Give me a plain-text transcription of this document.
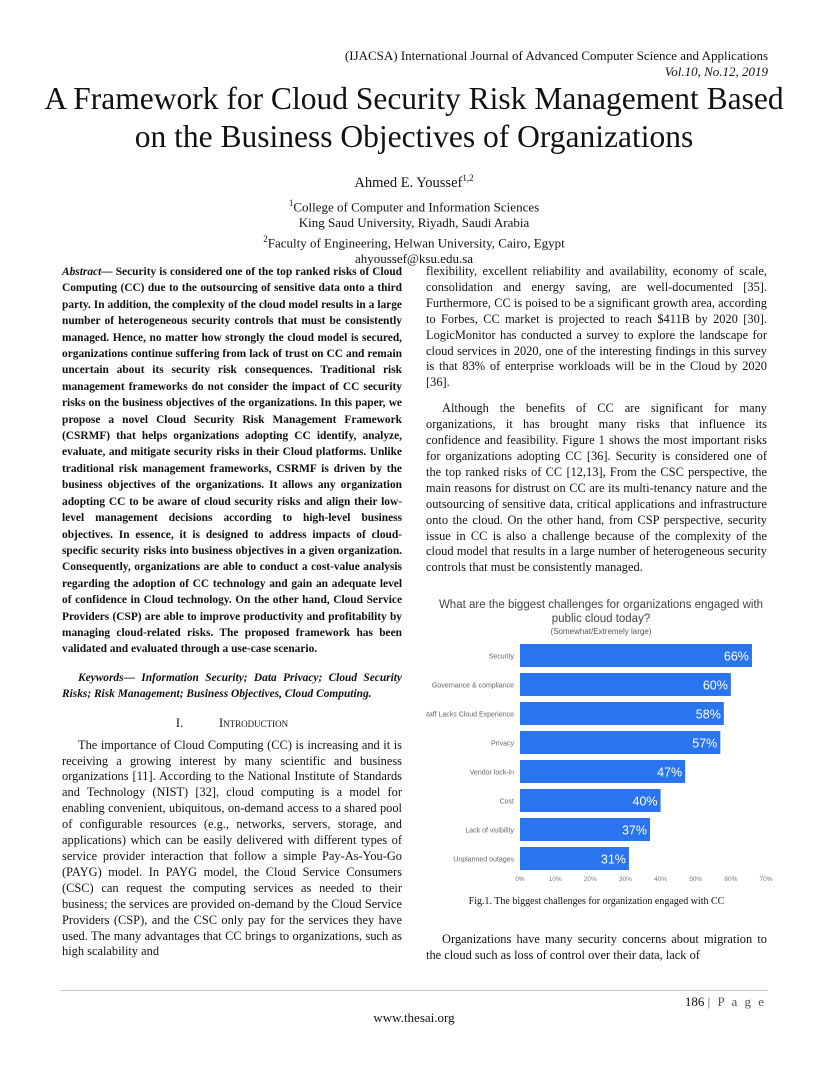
(IJACSA) International Journal of Advanced Computer Science and Applications
Vol.10, No.12, 2019
A Framework for Cloud Security Risk Management Based on the Business Objectives of Organizations
Ahmed E. Youssef$^{1,2}$
$^1$College of Computer and Information Sciences
King Saud University, Riyadh, Saudi Arabia
$^2$Faculty of Engineering, Helwan University, Cairo, Egypt
ahyoussef@ksu.edu.sa

Abstract— Security is considered one of the top ranked risks of Cloud Computing (CC) due to the outsourcing of sensitive data onto a third party. In addition, the complexity of the cloud model results in a large number of heterogeneous security controls that must be consistently managed. Hence, no matter how strongly the cloud model is secured, organizations continue suffering from lack of trust on CC and remain uncertain about its security risk consequences. Traditional risk management frameworks do not consider the impact of CC security risks on the business objectives of the organizations. In this paper, we propose a novel Cloud Security Risk Management Framework (CSRMF) that helps organizations adopting CC identify, analyze, evaluate, and mitigate security risks in their Cloud platforms. Unlike traditional risk management frameworks, CSRMF is driven by the business objectives of the organizations. It allows any organization adopting CC to be aware of cloud security risks and align their low-level management decisions according to high-level business objectives. In essence, it is designed to address impacts of cloud-specific security risks into business objectives in a given organization. Consequently, organizations are able to conduct a cost-value analysis regarding the adoption of CC technology and gain an adequate level of confidence in Cloud technology. On the other hand, Cloud Service Providers (CSP) are able to improve productivity and profitability by managing cloud-related risks. The proposed framework has been validated and evaluated through a use-case scenario.

Keywords— Information Security; Data Privacy; Cloud Security Risks; Risk Management; Business Objectives, Cloud Computing.

I.	Introduction

The importance of Cloud Computing (CC) is increasing and it is receiving a growing interest by many scientific and business organizations [11]. According to the National Institute of Standards and Technology (NIST) [32], cloud computing is a model for enabling convenient, ubiquitous, on-demand access to a shared pool of configurable resources (e.g., networks, servers, storage, and applications) which can be easily delivered with different types of service provider interaction that follow a simple Pay-As-You-Go (PAYG) model. In PAYG model, the Cloud Service Consumers (CSC) can request the computing services as needed to their business; the services are provided on-demand by the Cloud Service Providers (CSP), and the CSC only pay for the services they have used. The many advantages that CC brings to organizations, such as high scalability and

flexibility, excellent reliability and availability, economy of scale, consolidation and energy saving, are well-documented [35]. Furthermore, CC is poised to be a significant growth area, according to Forbes, CC market is projected to reach $411B by 2020 [30]. LogicMonitor has conducted a survey to explore the landscape for cloud services in 2020, one of the interesting findings in this survey is that 83% of enterprise workloads will be in the Cloud by 2020 [36].

Although the benefits of CC are significant for many organizations, it has brought many risks that influence its confidence and feasibility. Figure 1 shows the most important risks for organizations adopting CC [36]. Security is considered one of the top ranked risks of CC [12,13], From the CSC perspective, the main reasons for distrust on CC are its multi-tenancy nature and the outsourcing of sensitive data, critical applications and infrastructure onto the cloud. On the other hand, from CSP perspective, security issue in CC is also a challenge because of the complexity of the cloud model that results in a large number of heterogeneous security controls that must be consistently managed.

What are the biggest challenges for organizations engaged with public cloud today?
(Somewhat/Extremely large)
Security	66%
Governance & compliance	60%
Staff Lacks Cloud Experience	58%
Privacy	57%
Vendor lock-in	47%
Cost	40%
Lack of visibility	37%
Unplanned outages	31%
0%	10%	20%	30%	40%	50%	60%	70%
Fig.1. The biggest challenges for organization engaged with CC

Organizations have many security concerns about migration to the cloud such as loss of control over their data, lack of

186 | P a g e
www.thesai.org
